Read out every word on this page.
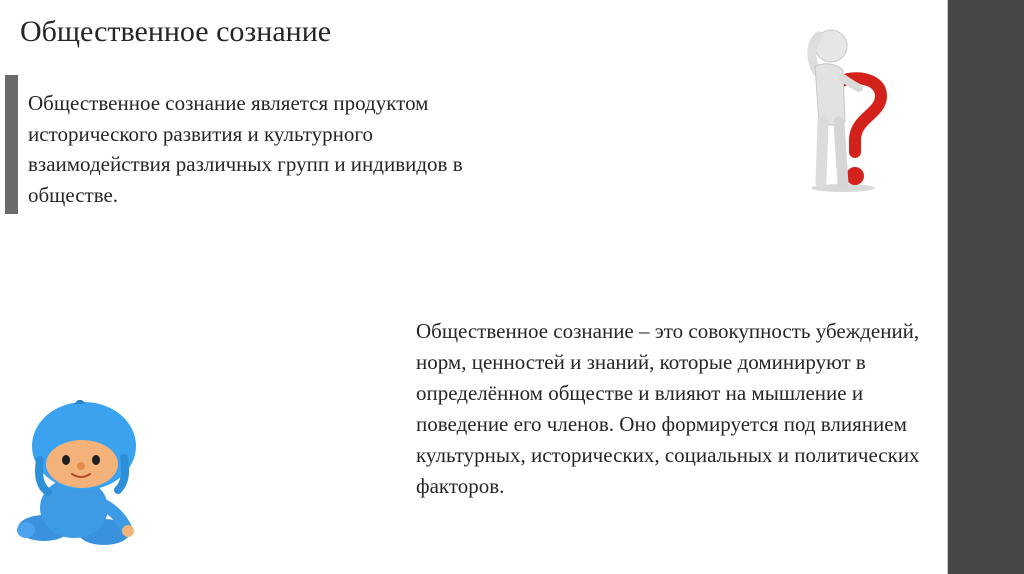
Общественное сознание
Общественное сознание является продуктом исторического развития и культурного взаимодействия различных групп и индивидов в обществе.
Общественное сознание – это совокупность убеждений, норм, ценностей и знаний, которые доминируют в определённом обществе и влияют на мышление и поведение его членов. Оно формируется под влиянием культурных, исторических, социальных и политических факторов.
